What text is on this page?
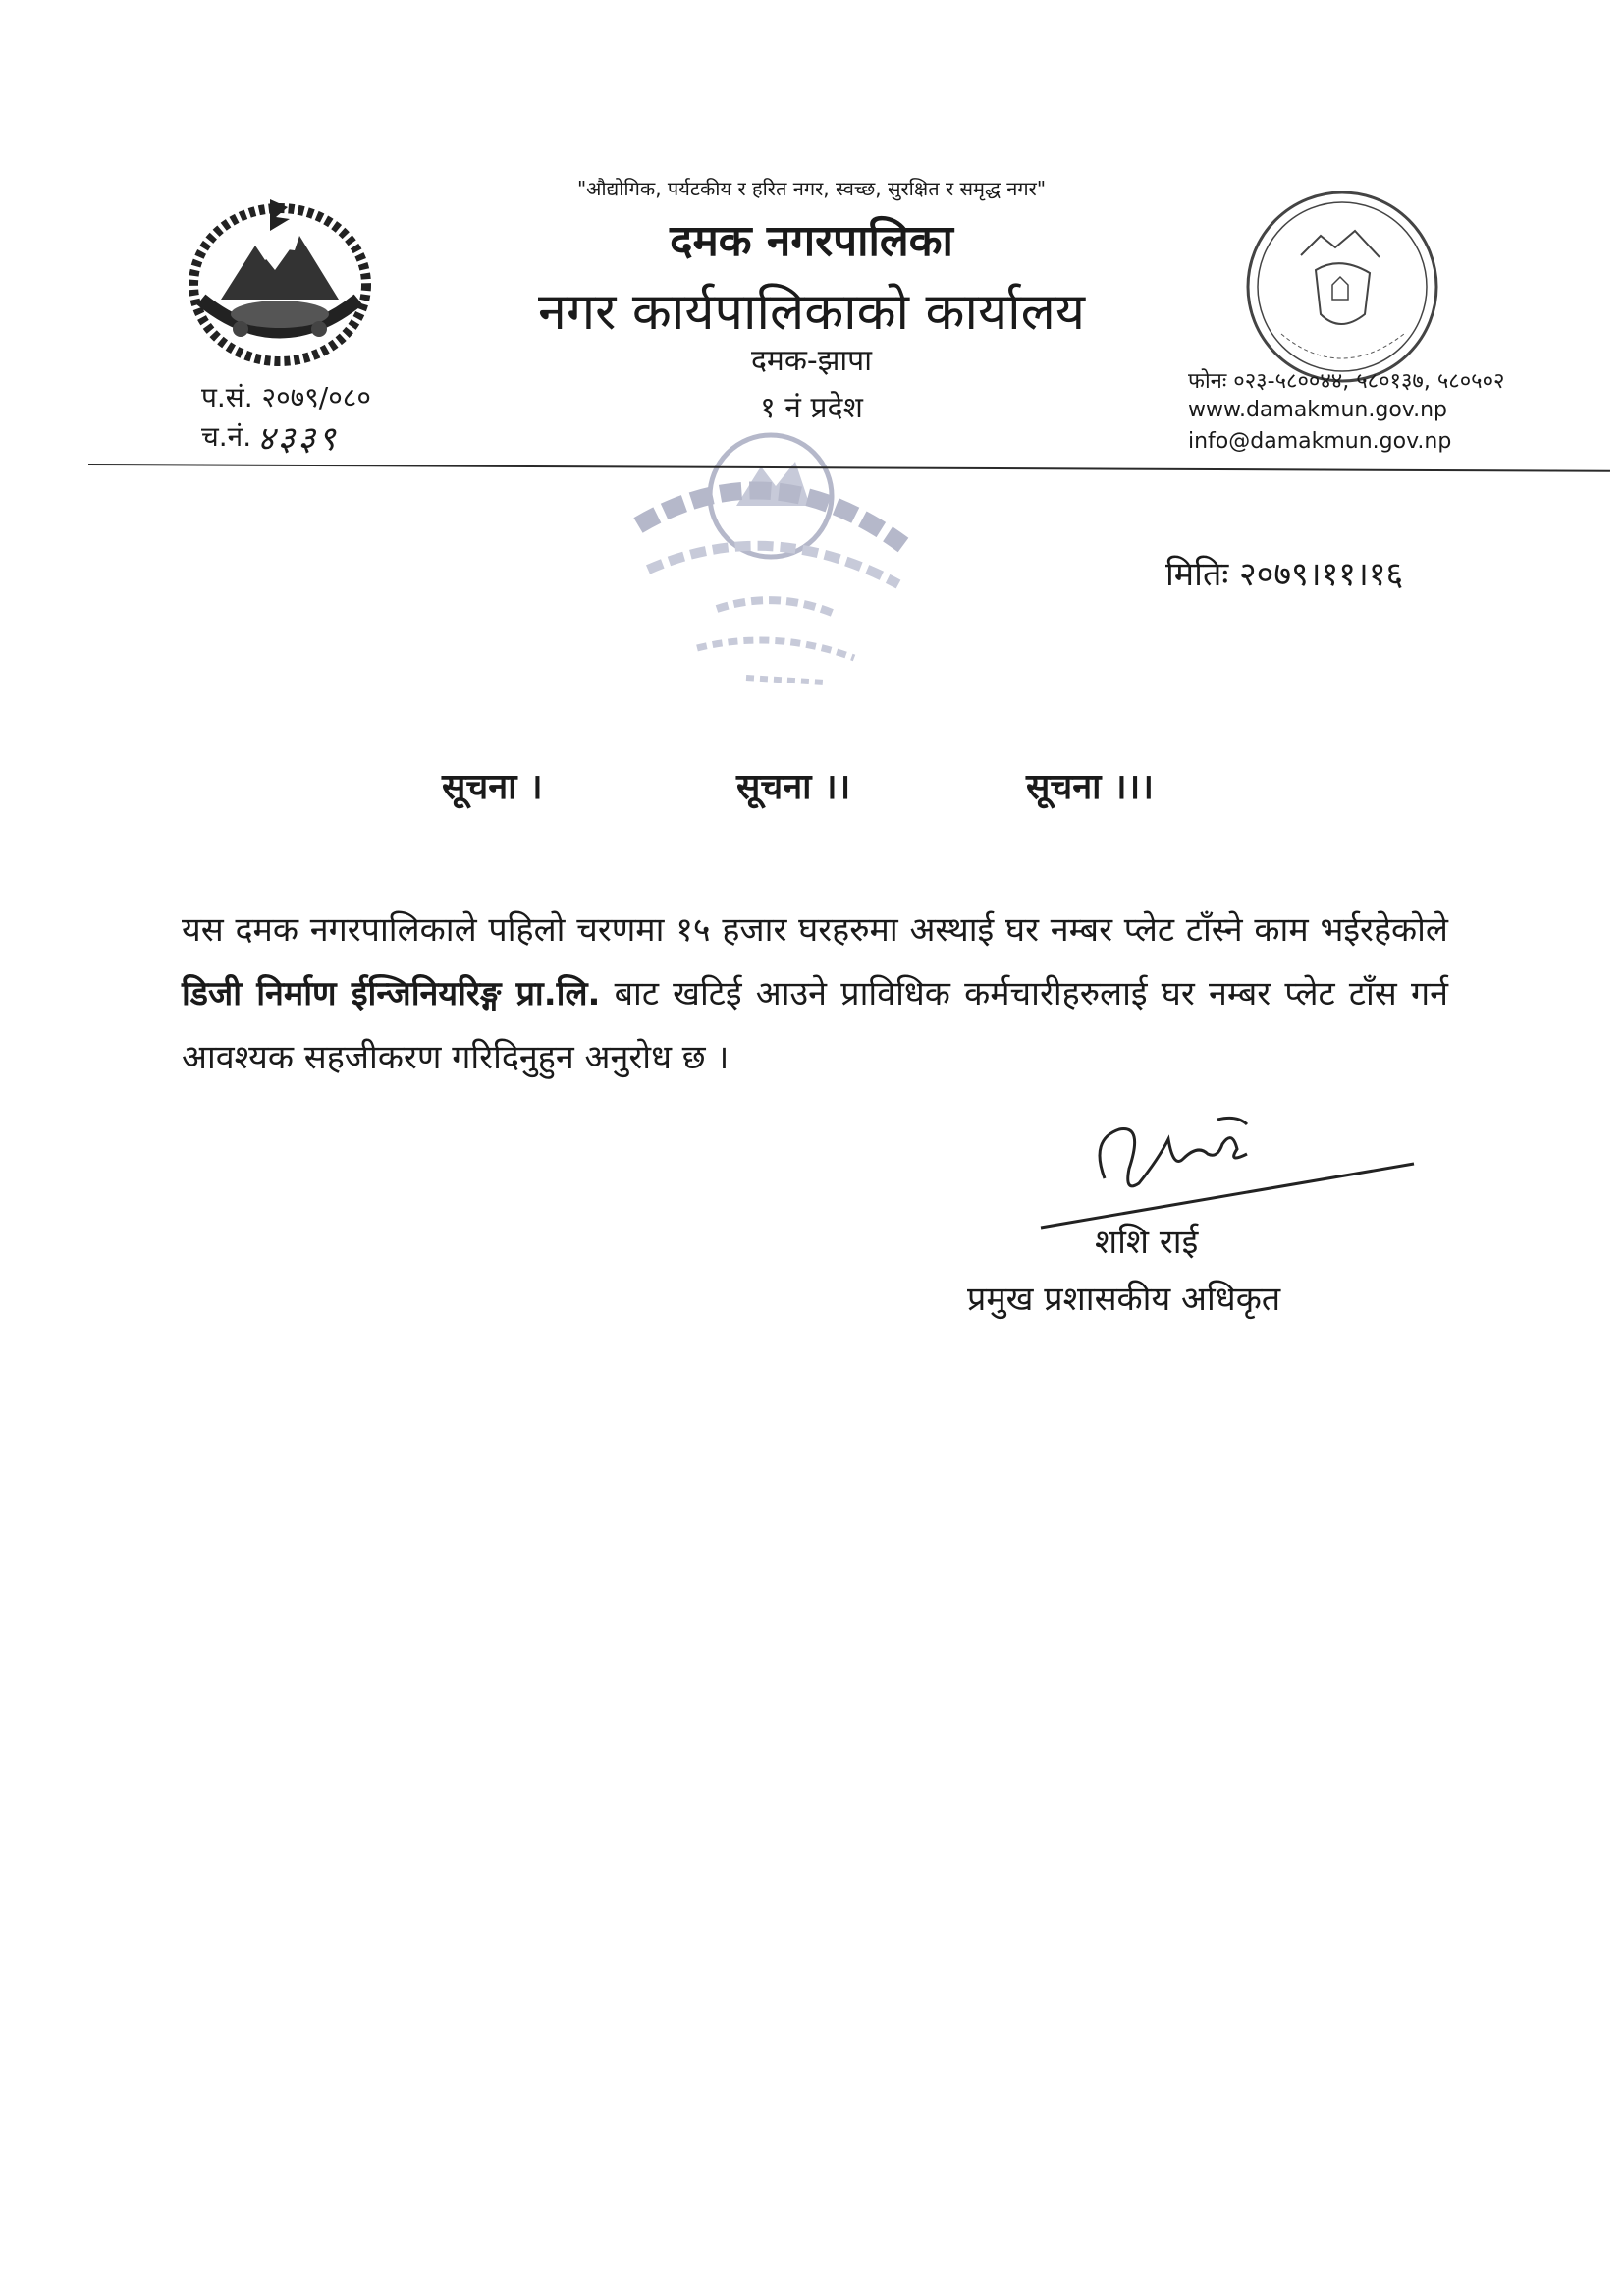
"औद्योगिक, पर्यटकीय र हरित नगर, स्वच्छ, सुरक्षित र समृद्ध नगर"
दमक नगरपालिका
नगर कार्यपालिकाको कार्यालय
दमक-झापा
१ नं प्रदेश
प.सं. २०७९/०८०
च.नं. ४३३९
फोनः ०२३-५८००४४, ५८०१३७, ५८०५०२
www.damakmun.gov.np
info@damakmun.gov.np
मितिः २०७९।११।१६
सूचना ।	सूचना ।।	सूचना ।।।
यस दमक नगरपालिकाले पहिलो चरणमा १५ हजार घरहरुमा अस्थाई घर नम्बर प्लेट टाँस्ने काम भईरहेकोले डिजी निर्माण ईन्जिनियरिङ्ग प्रा.लि. बाट खटिई आउने प्राविधिक कर्मचारीहरुलाई घर नम्बर प्लेट टाँस गर्न आवश्यक सहजीकरण गरिदिनुहुन अनुरोध छ ।
शशि राई
प्रमुख प्रशासकीय अधिकृत
